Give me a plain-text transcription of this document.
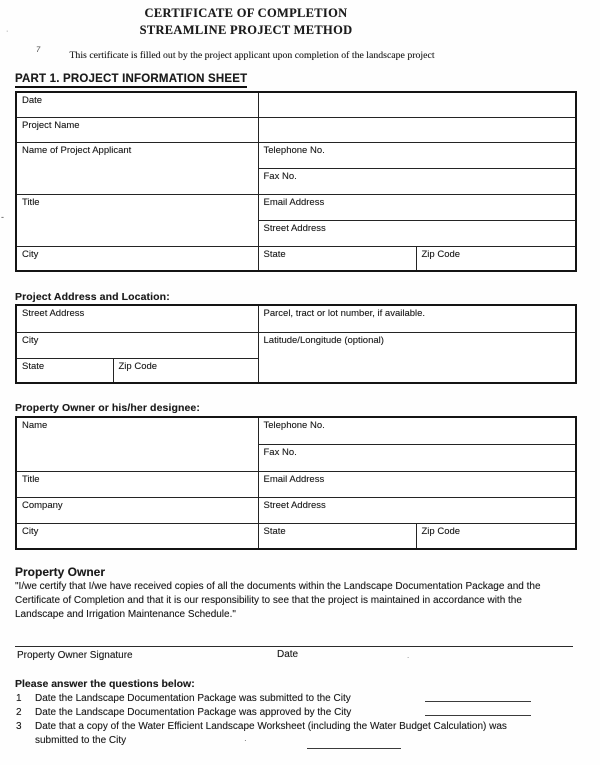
·
7
-
·
.
CERTIFICATE OF COMPLETION
STREAMLINE PROJECT METHOD
This certificate is filled out by the project applicant upon completion of the landscape project
PART 1. PROJECT INFORMATION SHEET
Date		
Project Name		
Name of Project Applicant	Telephone No.	
	Fax No.	
Title	Email Address	
	Street Address	
City	State	Zip Code
Project Address and Location:
Street Address		Parcel, tract or lot number, if available.
City		Latitude/Longitude (optional)
State	Zip Code	
Property Owner or his/her designee:
Name	Telephone No.	
	Fax No.	
Title	Email Address	
Company	Street Address	
City	State	Zip Code
Property Owner
"I/we certify that I/we have received copies of all the documents within the Landscape Documentation Package and the Certificate of Completion and that it is our responsibility to see that the project is maintained in accordance with the Landscape and Irrigation Maintenance Schedule."
Property Owner Signature	Date
Please answer the questions below:
1 Date the Landscape Documentation Package was submitted to the City
2 Date the Landscape Documentation Package was approved by the City
3 Date that a copy of the Water Efficient Landscape Worksheet (including the Water Budget Calculation) was submitted to the City
